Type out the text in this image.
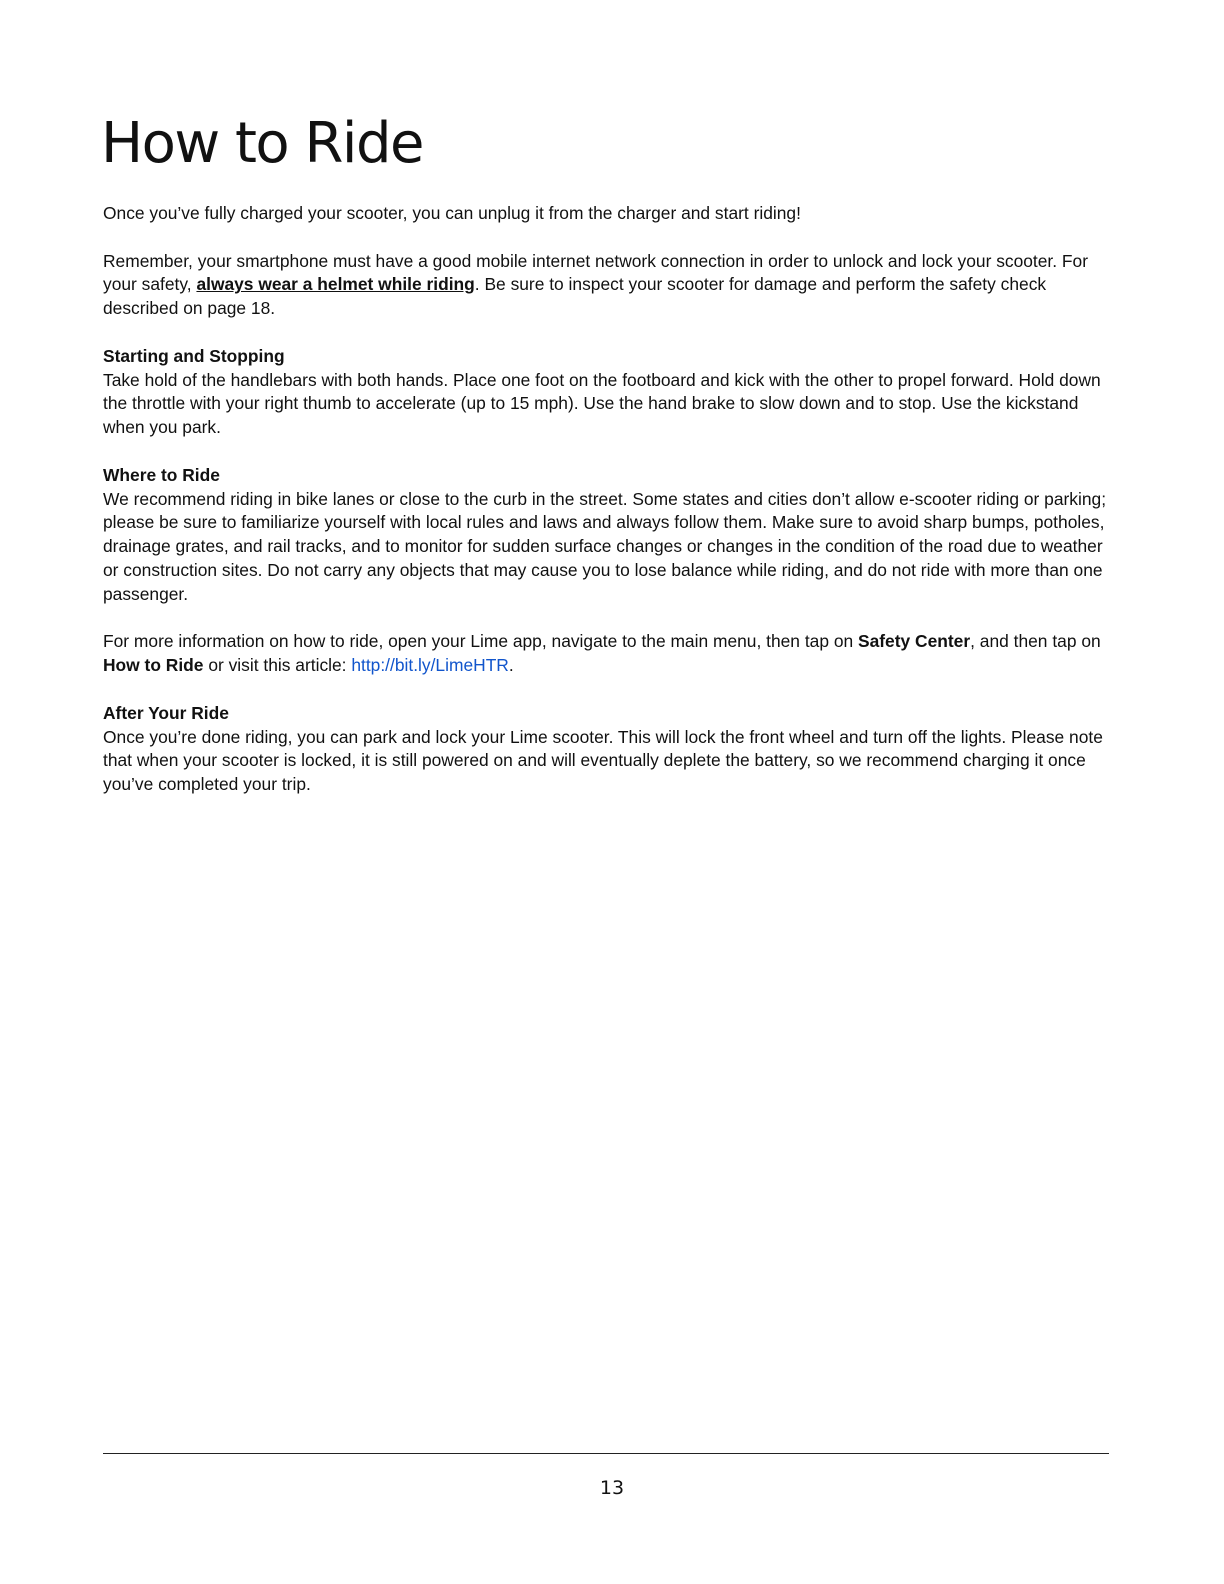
How to Ride

Once you’ve fully charged your scooter, you can unplug it from the charger and start riding!

Remember, your smartphone must have a good mobile internet network connection in order to unlock and lock your scooter. For your safety, always wear a helmet while riding. Be sure to inspect your scooter for damage and perform the safety check described on page 18.

Starting and Stopping
Take hold of the handlebars with both hands. Place one foot on the footboard and kick with the other to propel forward. Hold down the throttle with your right thumb to accelerate (up to 15 mph). Use the hand brake to slow down and to stop. Use the kickstand when you park.

Where to Ride
We recommend riding in bike lanes or close to the curb in the street. Some states and cities don’t allow e-scooter riding or parking; please be sure to familiarize yourself with local rules and laws and always follow them. Make sure to avoid sharp bumps, potholes, drainage grates, and rail tracks, and to monitor for sudden surface changes or changes in the condition of the road due to weather or construction sites. Do not carry any objects that may cause you to lose balance while riding, and do not ride with more than one passenger.

For more information on how to ride, open your Lime app, navigate to the main menu, then tap on Safety Center, and then tap on How to Ride or visit this article: http://bit.ly/LimeHTR.

After Your Ride
Once you’re done riding, you can park and lock your Lime scooter. This will lock the front wheel and turn off the lights. Please note that when your scooter is locked, it is still powered on and will eventually deplete the battery, so we recommend charging it once you’ve completed your trip.

13
